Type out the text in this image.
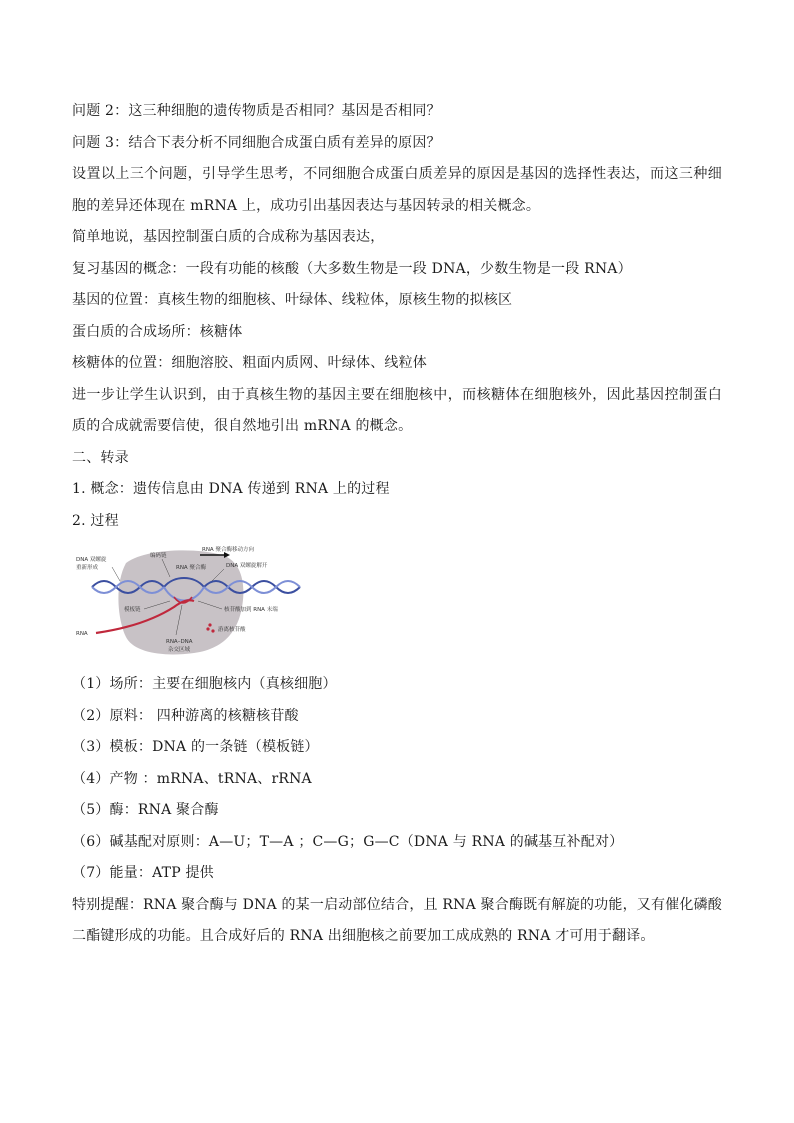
问题 2：这三种细胞的遗传物质是否相同？基因是否相同？
问题 3：结合下表分析不同细胞合成蛋白质有差异的原因？
设置以上三个问题，引导学生思考，不同细胞合成蛋白质差异的原因是基因的选择性表达，而这三种细胞的差异还体现在 mRNA 上，成功引出基因表达与基因转录的相关概念。
简单地说，基因控制蛋白质的合成称为基因表达，
复习基因的概念：一段有功能的核酸（大多数生物是一段 DNA，少数生物是一段 RNA）
基因的位置：真核生物的细胞核、叶绿体、线粒体，原核生物的拟核区
蛋白质的合成场所：核糖体
核糖体的位置：细胞溶胶、粗面内质网、叶绿体、线粒体
进一步让学生认识到，由于真核生物的基因主要在细胞核中，而核糖体在细胞核外，因此基因控制蛋白质的合成就需要信使，很自然地引出 mRNA 的概念。
二、转录
1. 概念：遗传信息由 DNA 传递到 RNA 上的过程
2. 过程
DNA 双螺旋
重新形成
编码链
RNA 聚合酶
RNA 聚合酶移动方向
DNA 双螺旋解开
模板链	核苷酸加到 RNA 末端
游离核苷酸
RNA
RNA–DNA
杂交区域
（1）场所：主要在细胞核内（真核细胞）
（2）原料： 四种游离的核糖核苷酸
（3）模板：DNA 的一条链（模板链）
（4）产物 ：mRNA、tRNA、rRNA
（5）酶：RNA 聚合酶
（6）碱基配对原则：A—U；T—A ；C—G；G—C（DNA 与 RNA 的碱基互补配对）
（7）能量：ATP 提供
特别提醒：RNA 聚合酶与 DNA 的某一启动部位结合，且 RNA 聚合酶既有解旋的功能，又有催化磷酸二酯键形成的功能。且合成好后的 RNA 出细胞核之前要加工成成熟的 RNA 才可用于翻译。
